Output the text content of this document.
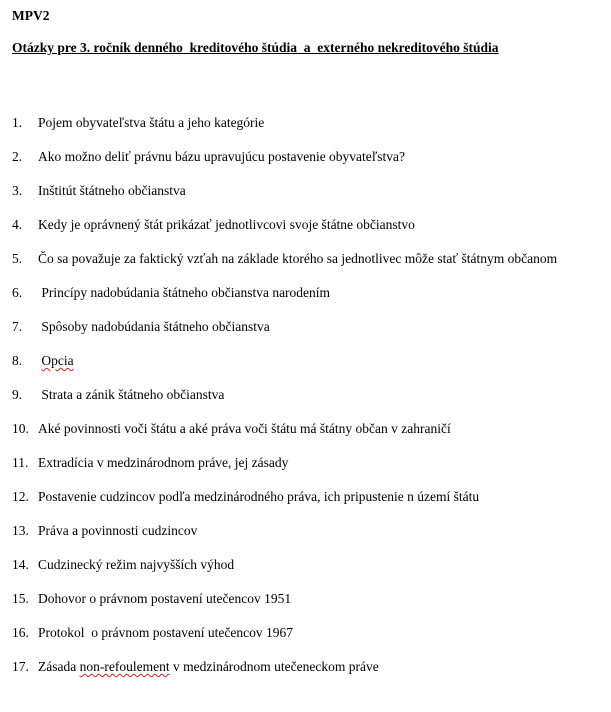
MPV2

Otázky pre 3. ročník denného  kreditového štúdia  a  externého nekreditového štúdia

1.	Pojem obyvateľstva štátu a jeho kategórie
2.	Ako možno deliť právnu bázu upravujúcu postavenie obyvateľstva?
3.	Inštitút štátneho občianstva
4.	Kedy je oprávnený štát prikázať jednotlivcovi svoje štátne občianstvo
5.	Čo sa považuje za faktický vzťah na základe ktorého sa jednotlivec môže stať štátnym občanom
6.	Princípy nadobúdania štátneho občianstva narodením
7.	Spôsoby nadobúdania štátneho občianstva
8.	Opcia
9.	Strata a zánik štátneho občianstva
10. Aké povinnosti voči štátu a aké práva voči štátu má štátny občan v zahraničí
11. Extradícia v medzinárodnom práve, jej zásady
12. Postavenie cudzincov podľa medzinárodného práva, ich pripustenie n území štátu
13. Práva a povinnosti cudzincov
14. Cudzinecký režim najvyšších výhod
15. Dohovor o právnom postavení utečencov 1951
16. Protokol  o právnom postavení utečencov 1967
17. Zásada non-refoulement v medzinárodnom utečeneckom práve
